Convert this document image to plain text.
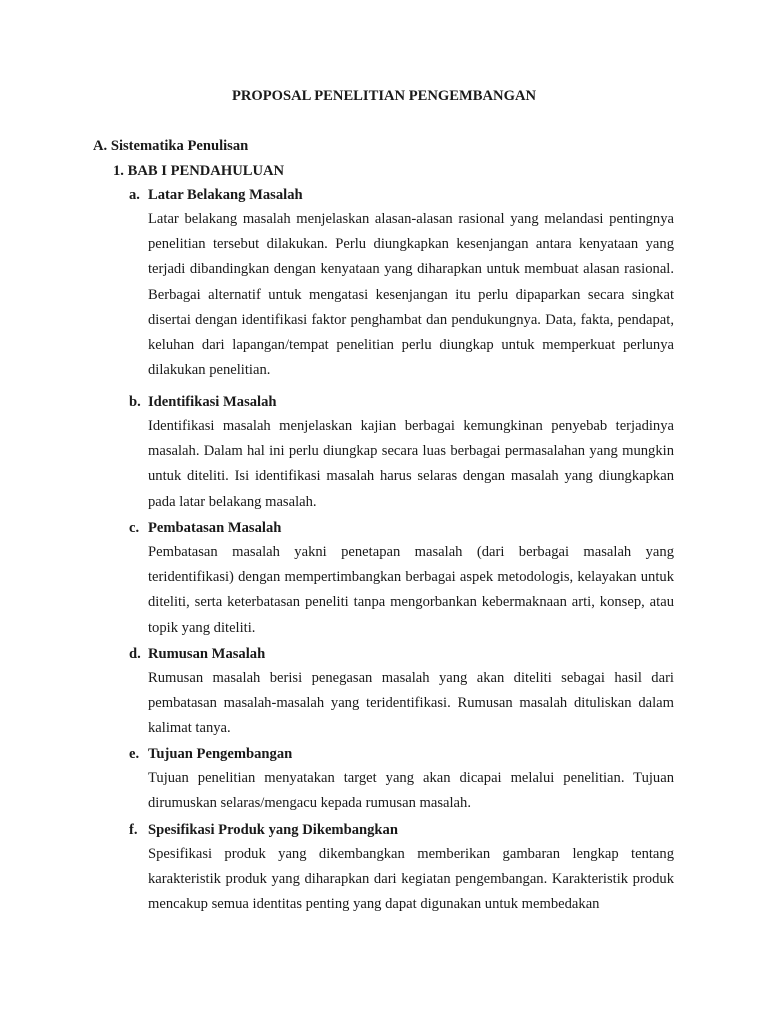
PROPOSAL PENELITIAN PENGEMBANGAN
A. Sistematika Penulisan
1. BAB I PENDAHULUAN
a. Latar Belakang Masalah
Latar belakang masalah menjelaskan alasan-alasan rasional yang melandasi pentingnya penelitian tersebut dilakukan. Perlu diungkapkan kesenjangan antara kenyataan yang terjadi dibandingkan dengan kenyataan yang diharapkan untuk membuat alasan rasional. Berbagai alternatif untuk mengatasi kesenjangan itu perlu dipaparkan secara singkat disertai dengan identifikasi faktor penghambat dan pendukungnya. Data, fakta, pendapat, keluhan dari lapangan/tempat penelitian perlu diungkap untuk memperkuat perlunya dilakukan penelitian.
b. Identifikasi Masalah
Identifikasi masalah menjelaskan kajian berbagai kemungkinan penyebab terjadinya masalah. Dalam hal ini perlu diungkap secara luas berbagai permasalahan yang mungkin untuk diteliti. Isi identifikasi masalah harus selaras dengan masalah yang diungkapkan pada latar belakang masalah.
c. Pembatasan Masalah
Pembatasan masalah yakni penetapan masalah (dari berbagai masalah yang teridentifikasi) dengan mempertimbangkan berbagai aspek metodologis, kelayakan untuk diteliti, serta keterbatasan peneliti tanpa mengorbankan kebermaknaan arti, konsep, atau topik yang diteliti.
d. Rumusan Masalah
Rumusan masalah berisi penegasan masalah yang akan diteliti sebagai hasil dari pembatasan masalah-masalah yang teridentifikasi. Rumusan masalah dituliskan dalam kalimat tanya.
e. Tujuan Pengembangan
Tujuan penelitian menyatakan target yang akan dicapai melalui penelitian. Tujuan dirumuskan selaras/mengacu kepada rumusan masalah.
f. Spesifikasi Produk yang Dikembangkan
Spesifikasi produk yang dikembangkan memberikan gambaran lengkap tentang karakteristik produk yang diharapkan dari kegiatan pengembangan. Karakteristik produk mencakup semua identitas penting yang dapat digunakan untuk membedakan
